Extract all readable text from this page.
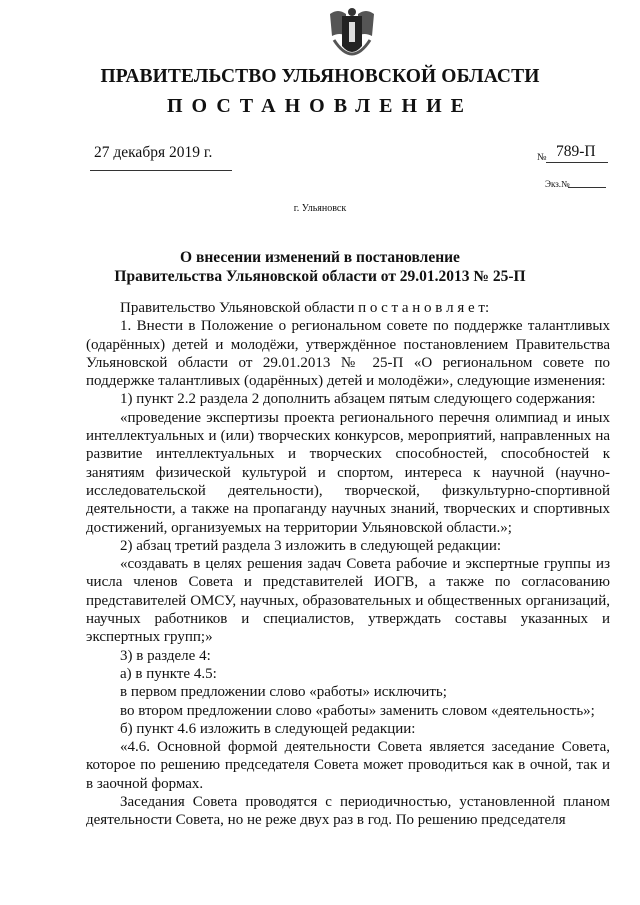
ПРАВИТЕЛЬСТВО УЛЬЯНОВСКОЙ ОБЛАСТИ
ПОСТАНОВЛЕНИЕ
27 декабря 2019 г.	№ 789-П
Экз.№
г. Ульяновск
О внесении изменений в постановление
Правительства Ульяновской области от 29.01.2013 № 25-П

Правительство Ульяновской области п о с т а н о в л я е т:

1. Внести в Положение о региональном совете по поддержке талантливых (одарённых) детей и молодёжи, утверждённое постановлением Правительства Ульяновской области от 29.01.2013 № 25-П «О региональном совете по поддержке талантливых (одарённых) детей и молодёжи», следующие изменения:

1) пункт 2.2 раздела 2 дополнить абзацем пятым следующего содержания:

«проведение экспертизы проекта регионального перечня олимпиад и иных интеллектуальных и (или) творческих конкурсов, мероприятий, направленных на развитие интеллектуальных и творческих способностей, способностей к занятиям физической культурой и спортом, интереса к научной (научно-исследовательской деятельности), творческой, физкультурно-спортивной деятельности, а также на пропаганду научных знаний, творческих и спортивных достижений, организуемых на территории Ульяновской области.»;

2) абзац третий раздела 3 изложить в следующей редакции:

«создавать в целях решения задач Совета рабочие и экспертные группы из числа членов Совета и представителей ИОГВ, а также по согласованию представителей ОМСУ, научных, образовательных и общественных организаций, научных работников и специалистов, утверждать составы указанных и экспертных групп;»

3) в разделе 4:

а) в пункте 4.5:

в первом предложении слово «работы» исключить;

во втором предложении слово «работы» заменить словом «деятельность»;

б) пункт 4.6 изложить в следующей редакции:

«4.6. Основной формой деятельности Совета является заседание Совета, которое по решению председателя Совета может проводиться как в очной, так и в заочной формах.

Заседания Совета проводятся с периодичностью, установленной планом деятельности Совета, но не реже двух раз в год. По решению председателя
